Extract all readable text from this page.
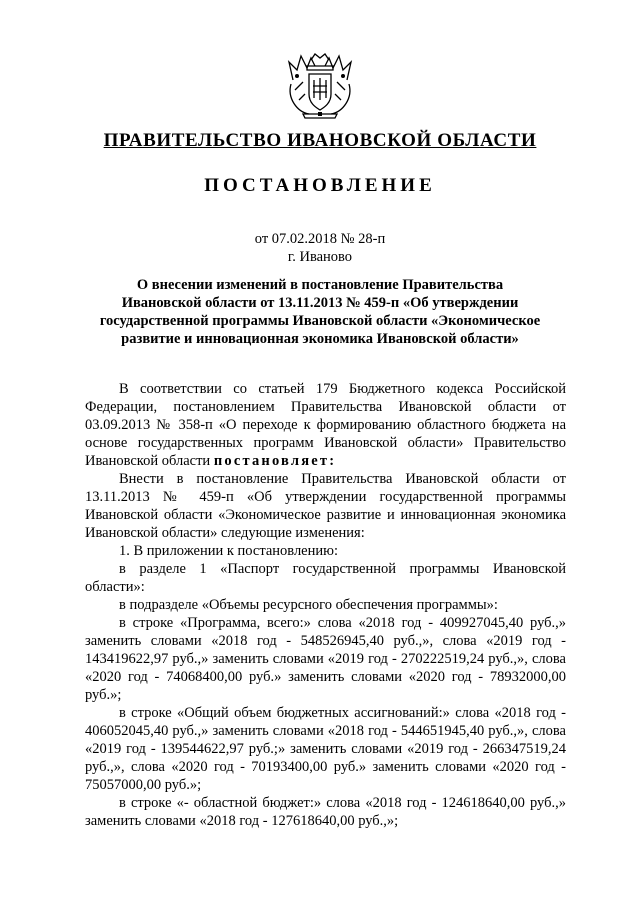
ПРАВИТЕЛЬСТВО ИВАНОВСКОЙ ОБЛАСТИ
ПОСТАНОВЛЕНИЕ
от 07.02.2018 № 28-п
г. Иваново
О внесении изменений в постановление Правительства
Ивановской области от 13.11.2013 № 459-п «Об утверждении
государственной программы Ивановской области «Экономическое
развитие и инновационная экономика Ивановской области»

В соответствии со статьей 179 Бюджетного кодекса Российской Федерации, постановлением Правительства Ивановской области от 03.09.2013 № 358-п «О переходе к формированию областного бюджета на основе государственных программ Ивановской области» Правительство Ивановской области постановляет:

Внести в постановление Правительства Ивановской области от 13.11.2013 № 459-п «Об утверждении государственной программы Ивановской области «Экономическое развитие и инновационная экономика Ивановской области» следующие изменения:

1. В приложении к постановлению:

в разделе 1 «Паспорт государственной программы Ивановской области»:

в подразделе «Объемы ресурсного обеспечения программы»:

в строке «Программа, всего:» слова «2018 год - 409927045,40 руб.,» заменить словами «2018 год - 548526945,40 руб.,», слова «2019 год - 143419622,97 руб.,» заменить словами «2019 год - 270222519,24 руб.,», слова «2020 год - 74068400,00 руб.» заменить словами «2020 год - 78932000,00 руб.»;

в строке «Общий объем бюджетных ассигнований:» слова «2018 год - 406052045,40 руб.,» заменить словами «2018 год - 544651945,40 руб.,», слова «2019 год - 139544622,97 руб.;» заменить словами «2019 год - 266347519,24 руб.,», слова «2020 год - 70193400,00 руб.» заменить словами «2020 год - 75057000,00 руб.»;

в строке «- областной бюджет:» слова «2018 год - 124618640,00 руб.,» заменить словами «2018 год - 127618640,00 руб.,»;
